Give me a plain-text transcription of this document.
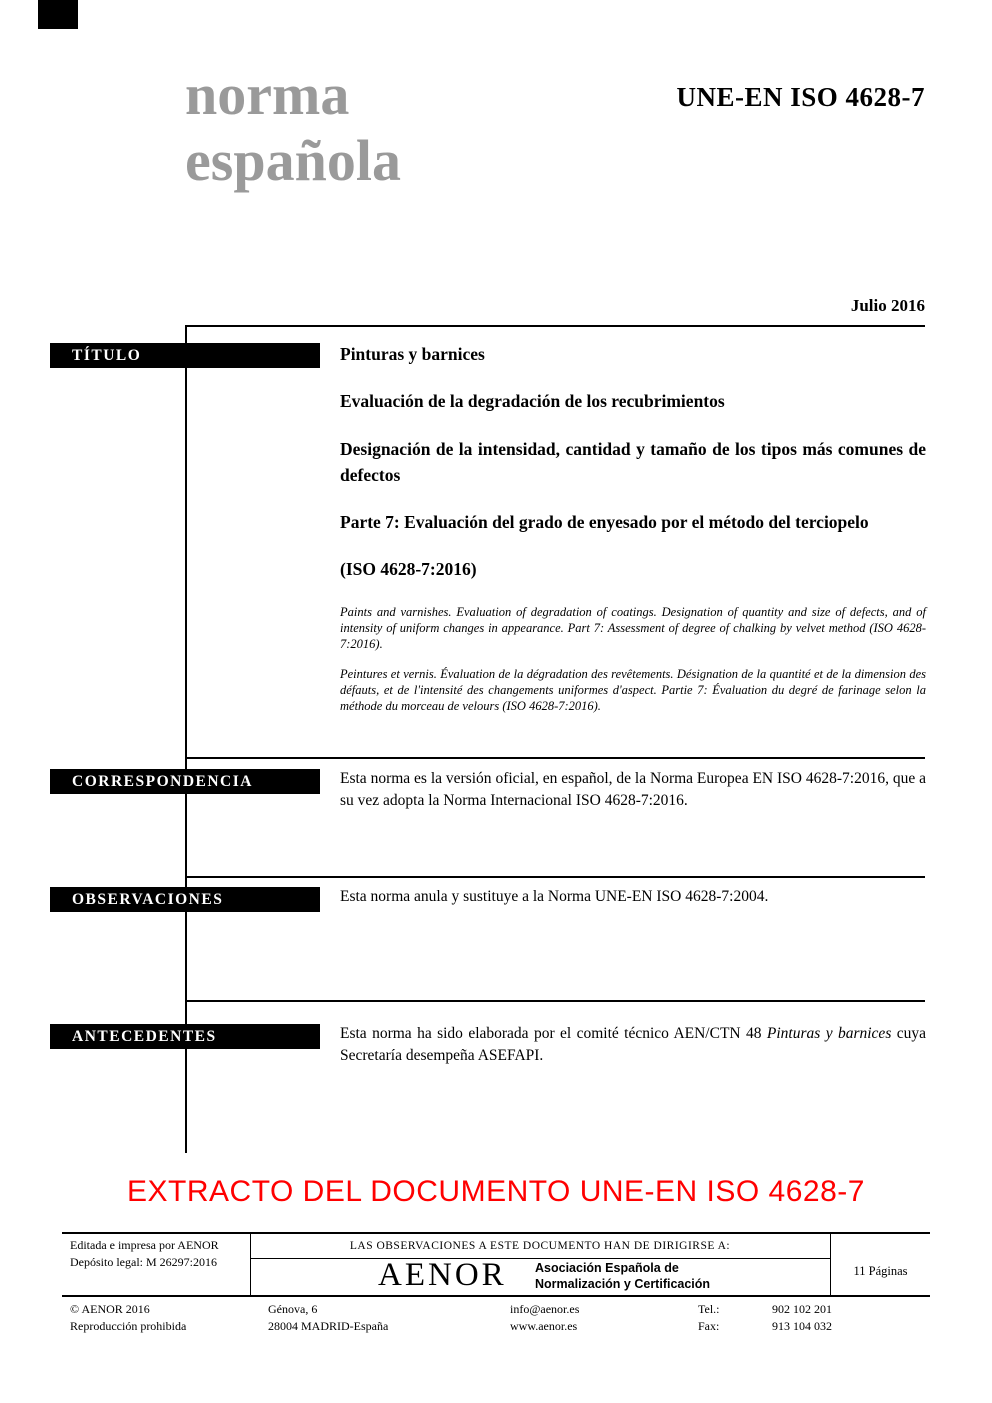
norma
española
UNE-EN ISO 4628-7
Julio 2016
TÍTULO
CORRESPONDENCIA
OBSERVACIONES
ANTECEDENTES

Pinturas y barnices

Evaluación de la degradación de los recubrimientos

Designación de la intensidad, cantidad y tamaño de los tipos más comunes de defectos

Parte 7: Evaluación del grado de enyesado por el método del terciopelo

(ISO 4628-7:2016)

Paints and varnishes. Evaluation of degradation of coatings. Designation of quantity and size of defects, and of intensity of uniform changes in appearance. Part 7: Assessment of degree of chalking by velvet method (ISO 4628-7:2016).

Peintures et vernis. Évaluation de la dégradation des revêtements. Désignation de la quantité et de la dimension des défauts, et de l'intensité des changements uniformes d'aspect. Partie 7: Évaluation du degré de farinage selon la méthode du morceau de velours (ISO 4628-7:2016).

Esta norma es la versión oficial, en español, de la Norma Europea EN ISO 4628-7:2016, que a su vez adopta la Norma Internacional ISO 4628-7:2016.
Esta norma anula y sustituye a la Norma UNE-EN ISO 4628-7:2004.
Esta norma ha sido elaborada por el comité técnico AEN/CTN 48 Pinturas y barnices cuya Secretaría desempeña ASEFAPI.
EXTRACTO DEL DOCUMENTO UNE-EN ISO 4628-7
Editada e impresa por AENOR
Depósito legal: M 26297:2016
LAS OBSERVACIONES A ESTE DOCUMENTO HAN DE DIRIGIRSE A:
AENOR Asociación Española de
Normalización y Certificación
11 Páginas
© AENOR 2016
Reproducción prohibida
Génova, 6
28004 MADRID-España
info@aenor.es
www.aenor.es
Tel.:	902 102 201
Fax:	913 104 032
